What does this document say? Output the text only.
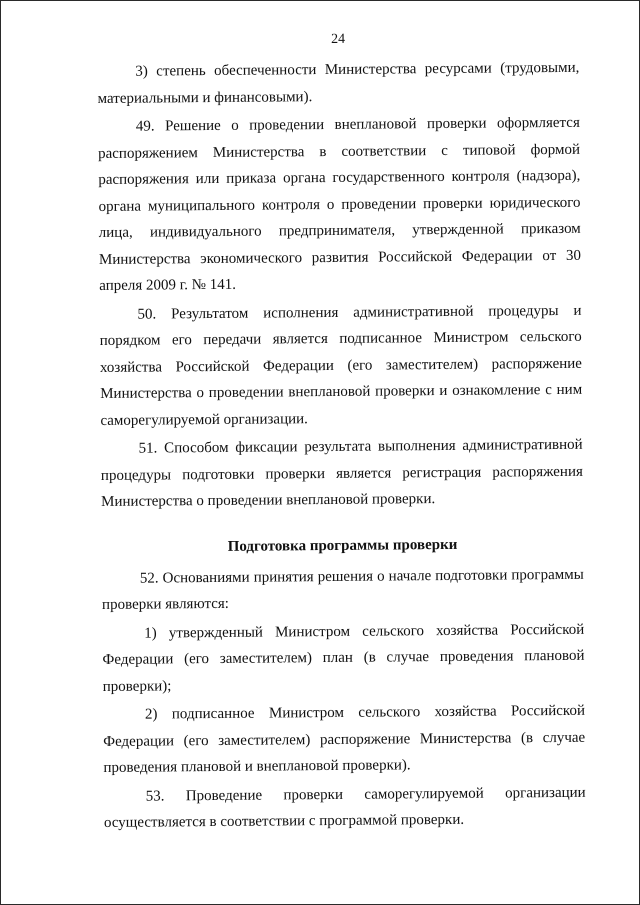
24

3) степень обеспеченности Министерства ресурсами (трудовыми, материальными и финансовыми).

49. Решение о проведении внеплановой проверки оформляется распоряжением Министерства в соответствии с типовой формой распоряжения или приказа органа государственного контроля (надзора), органа муниципального контроля о проведении проверки юридического лица, индивидуального предпринимателя, утвержденной приказом Министерства экономического развития Российской Федерации от 30 апреля 2009 г. № 141.

50. Результатом исполнения административной процедуры и порядком его передачи является подписанное Министром сельского хозяйства Российской Федерации (его заместителем) распоряжение Министерства о проведении внеплановой проверки и ознакомление с ним саморегулируемой организации.

51. Способом фиксации результата выполнения административной процедуры подготовки проверки является регистрация распоряжения Министерства о проведении внеплановой проверки.

Подготовка программы проверки

52. Основаниями принятия решения о начале подготовки программы проверки являются:

1) утвержденный Министром сельского хозяйства Российской Федерации (его заместителем) план (в случае проведения плановой проверки);

2) подписанное Министром сельского хозяйства Российской Федерации (его заместителем) распоряжение Министерства (в случае проведения плановой и внеплановой проверки).

53. Проведение проверки саморегулируемой организации осуществляется в соответствии с программой проверки.
